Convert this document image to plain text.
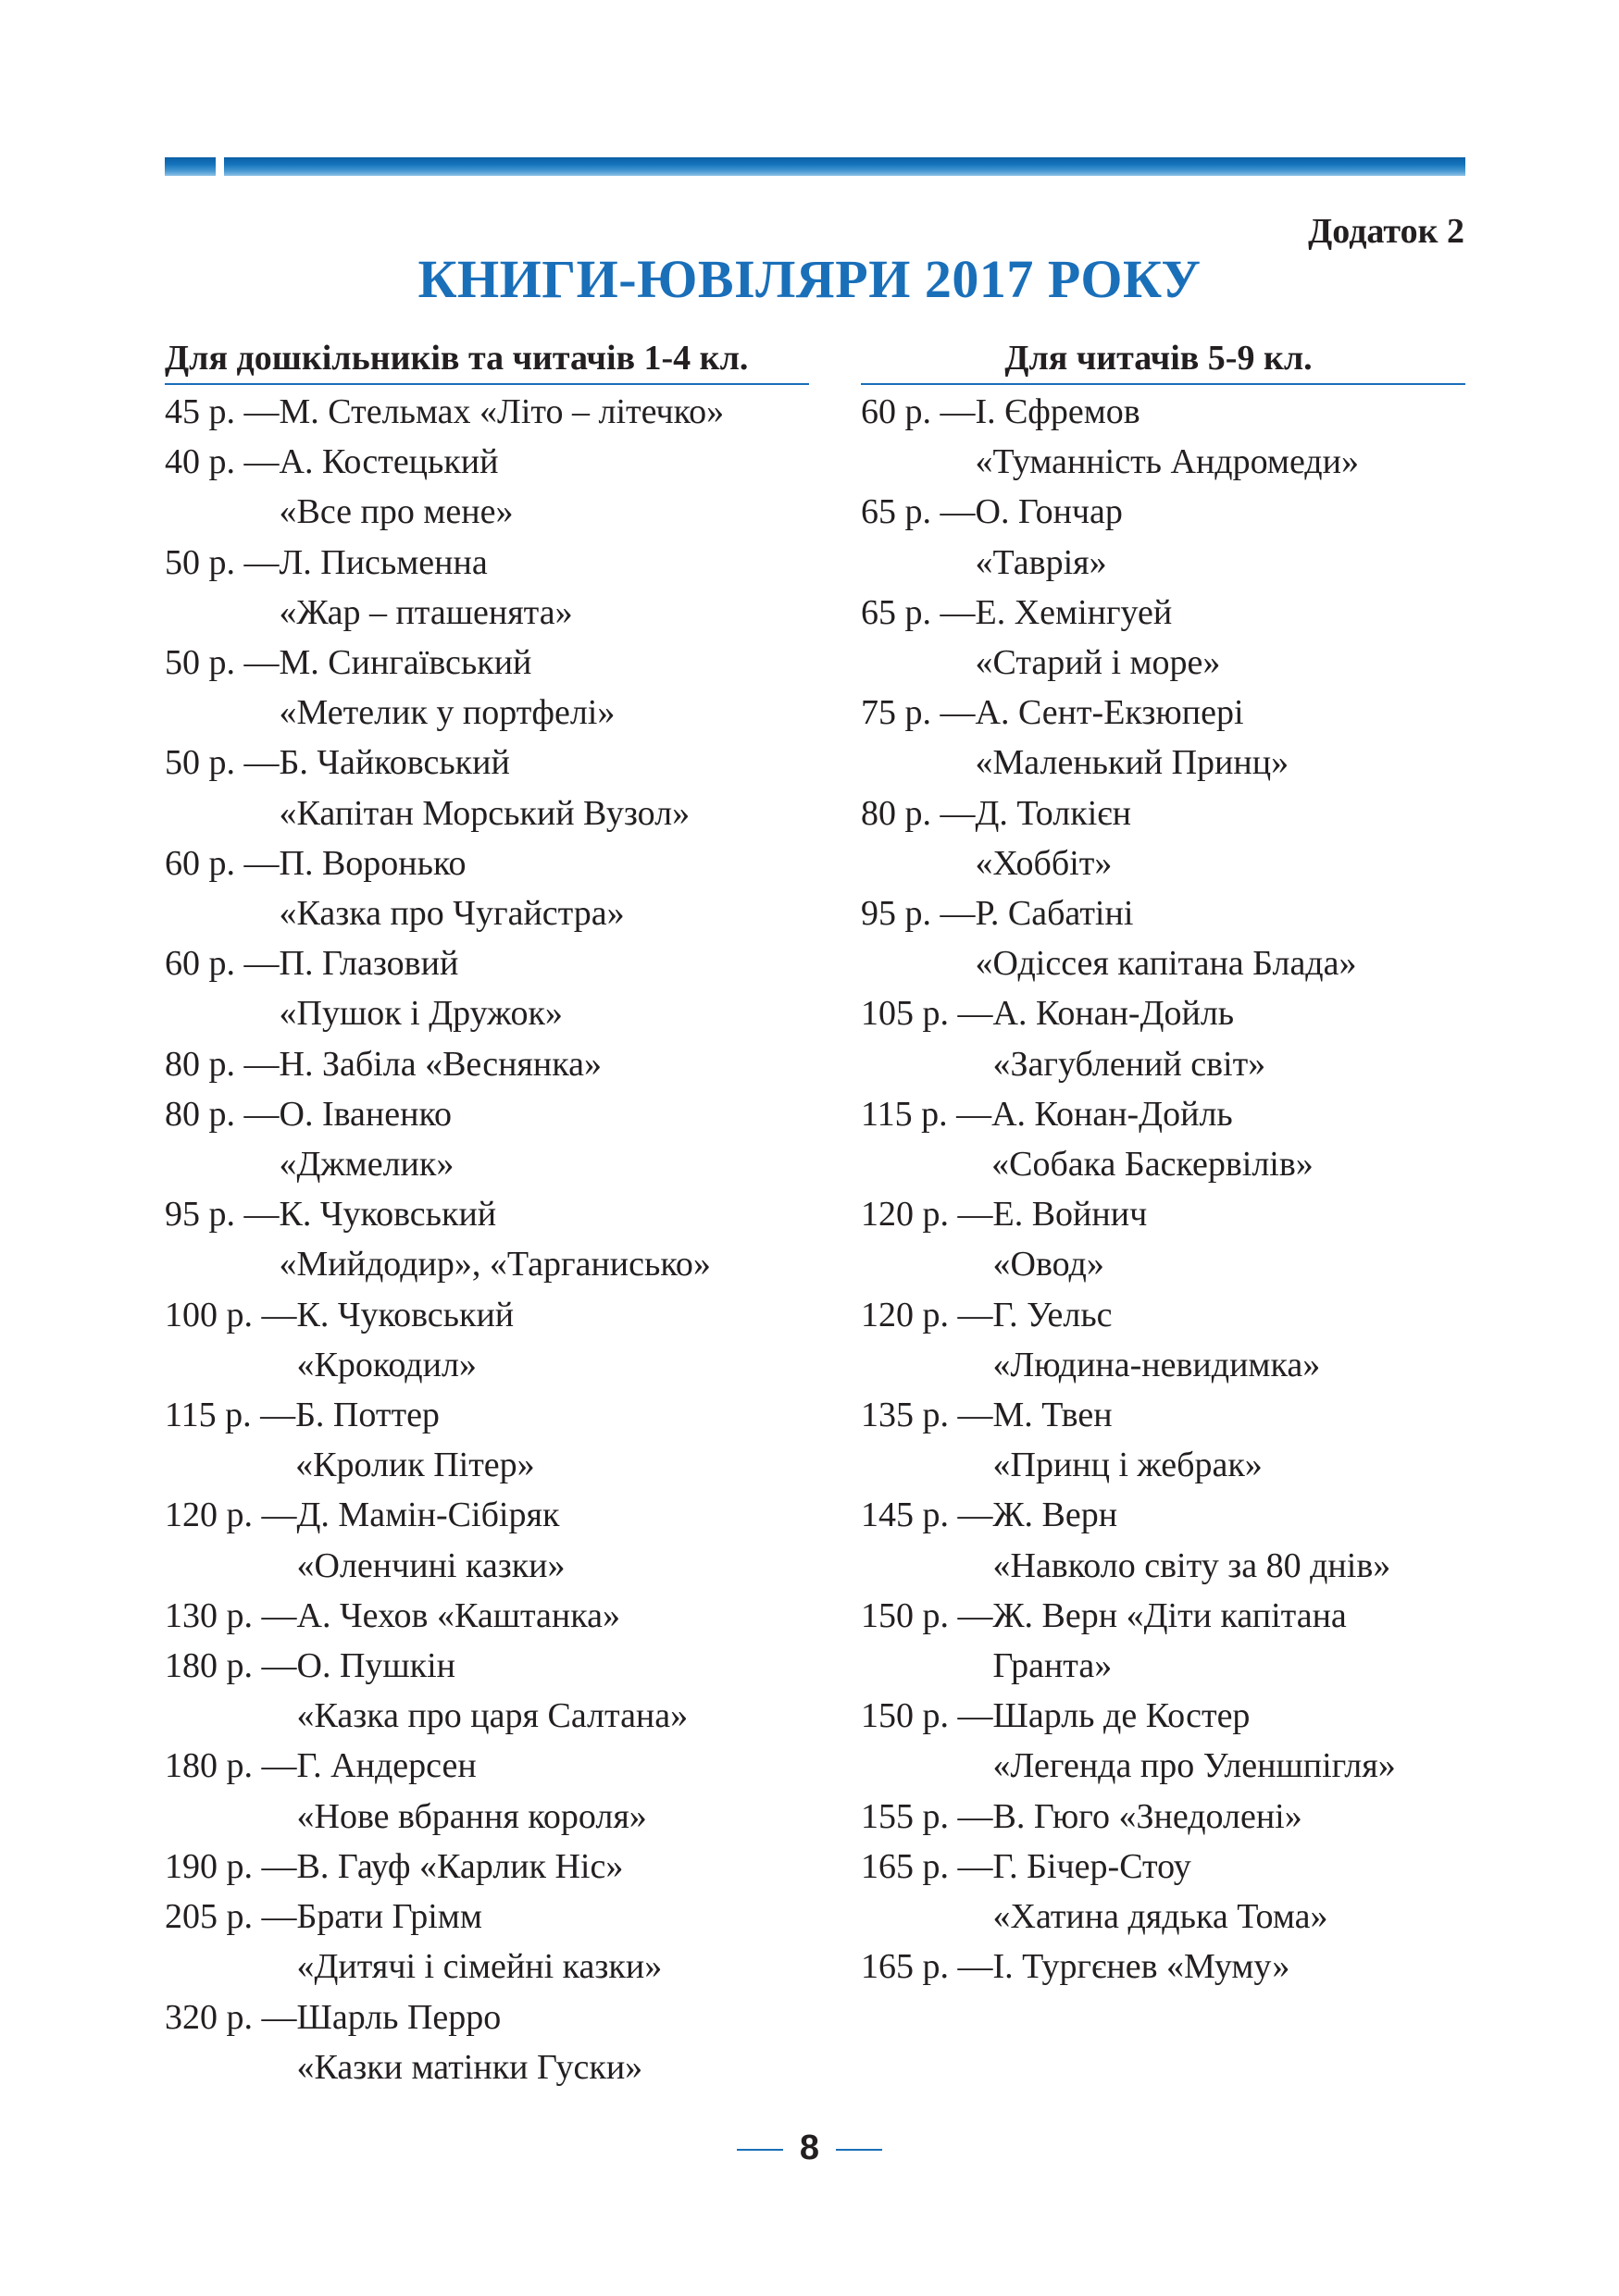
Додаток 2
КНИГИ-ЮВІЛЯРИ 2017 РОКУ
Для дошкільників та читачів 1-4 кл.
45 р. — М. Стельмах «Літо – літечко»
40 р. — А. Костецький
«Все про мене»
50 р. — Л. Письменна
«Жар – пташенята»
50 р. — М. Сингаївський
«Метелик у портфелі»
50 р. — Б. Чайковський
«Капітан Морський Вузол»
60 р. — П. Воронько
«Казка про Чугайстра»
60 р. — П. Глазовий
«Пушок і Дружок»
80 р. — Н. Забіла «Веснянка»
80 р. — О. Іваненко
«Джмелик»
95 р. — К. Чуковський
«Мийдодир», «Тарганисько»
100 р. — К. Чуковський
«Крокодил»
115 р. — Б. Поттер
«Кролик Пітер»
120 р. — Д. Мамін-Сібіряк
«Оленчині казки»
130 р. — А. Чехов «Каштанка»
180 р. — О. Пушкін
«Казка про царя Салтана»
180 р. — Г. Андерсен
«Нове вбрання короля»
190 р. — В. Гауф «Карлик Ніс»
205 р. — Брати Грімм
«Дитячі і сімейні казки»
320 р. — Шарль Перро
«Казки матінки Гуски»
Для читачів 5-9 кл.
60 р. — І. Єфремов
«Туманність Андромеди»
65 р. — О. Гончар
«Таврія»
65 р. — Е. Хемінгуей
«Старий і море»
75 р. — А. Сент-Екзюпері
«Маленький Принц»
80 р. — Д. Толкієн
«Хоббіт»
95 р. — Р. Сабатіні
«Одіссея капітана Блада»
105 р. — А. Конан-Дойль
«Загублений світ»
115 р. — А. Конан-Дойль
«Собака Баскервілів»
120 р. — Е. Войнич
«Овод»
120 р. — Г. Уельс
«Людина-невидимка»
135 р. — М. Твен
«Принц і жебрак»
145 р. — Ж. Верн
«Навколо світу за 80 днів»
150 р. — Ж. Верн «Діти капітана
Гранта»
150 р. — Шарль де Костер
«Легенда про Уленшпігля»
155 р. — В. Гюго «Знедолені»
165 р. — Г. Бічер-Стоу
«Хатина дядька Тома»
165 р. — І. Тургєнев «Муму»
8
